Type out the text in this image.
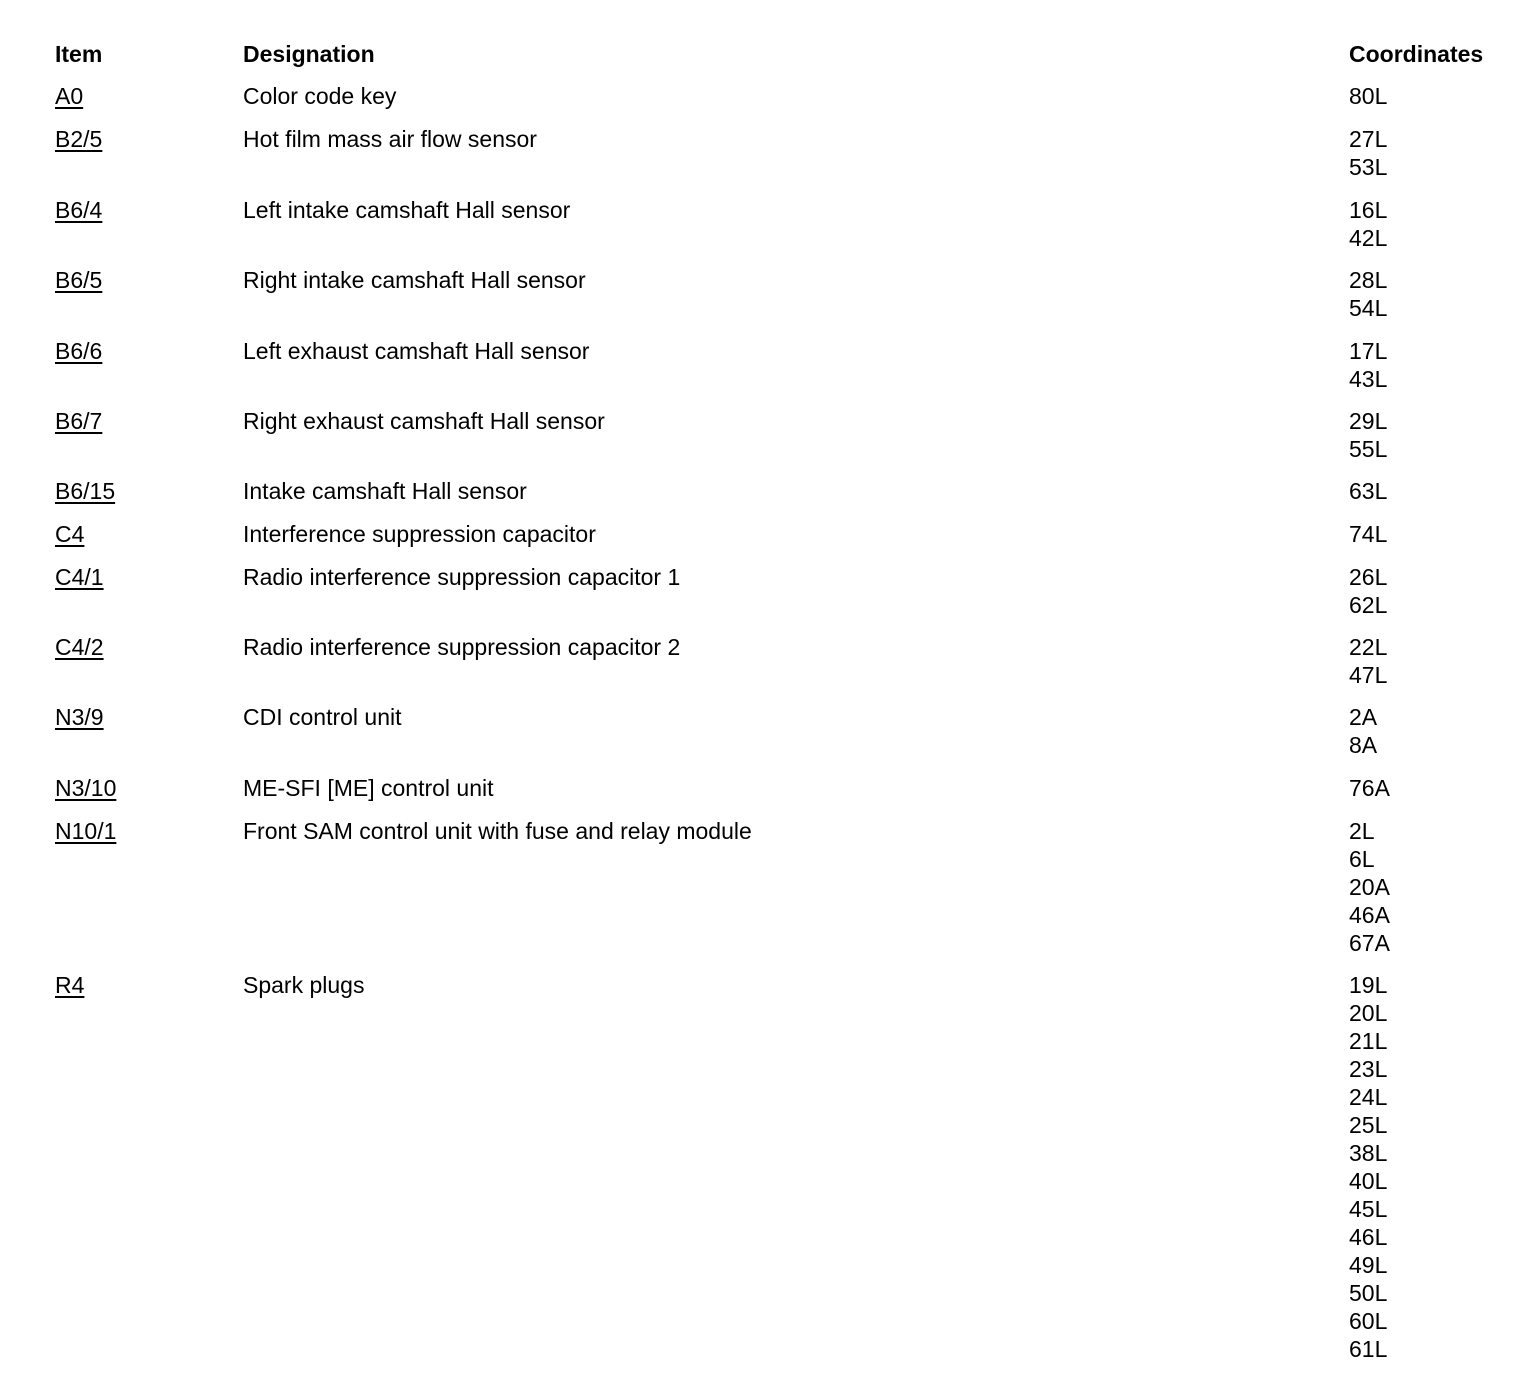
Item	Designation	Coordinates
A0	Color code key	80L
B2/5	Hot film mass air flow sensor	27L
53L
B6/4	Left intake camshaft Hall sensor	16L
42L
B6/5	Right intake camshaft Hall sensor	28L
54L
B6/6	Left exhaust camshaft Hall sensor	17L
43L
B6/7	Right exhaust camshaft Hall sensor	29L
55L
B6/15	Intake camshaft Hall sensor	63L
C4	Interference suppression capacitor	74L
C4/1	Radio interference suppression capacitor 1	26L
62L
C4/2	Radio interference suppression capacitor 2	22L
47L
N3/9	CDI control unit	2A
8A
N3/10	ME-SFI [ME] control unit	76A
N10/1	Front SAM control unit with fuse and relay module	2L
6L
20A
46A
67A
R4	Spark plugs	19L
20L
21L
23L
24L
25L
38L
40L
45L
46L
49L
50L
60L
61L
